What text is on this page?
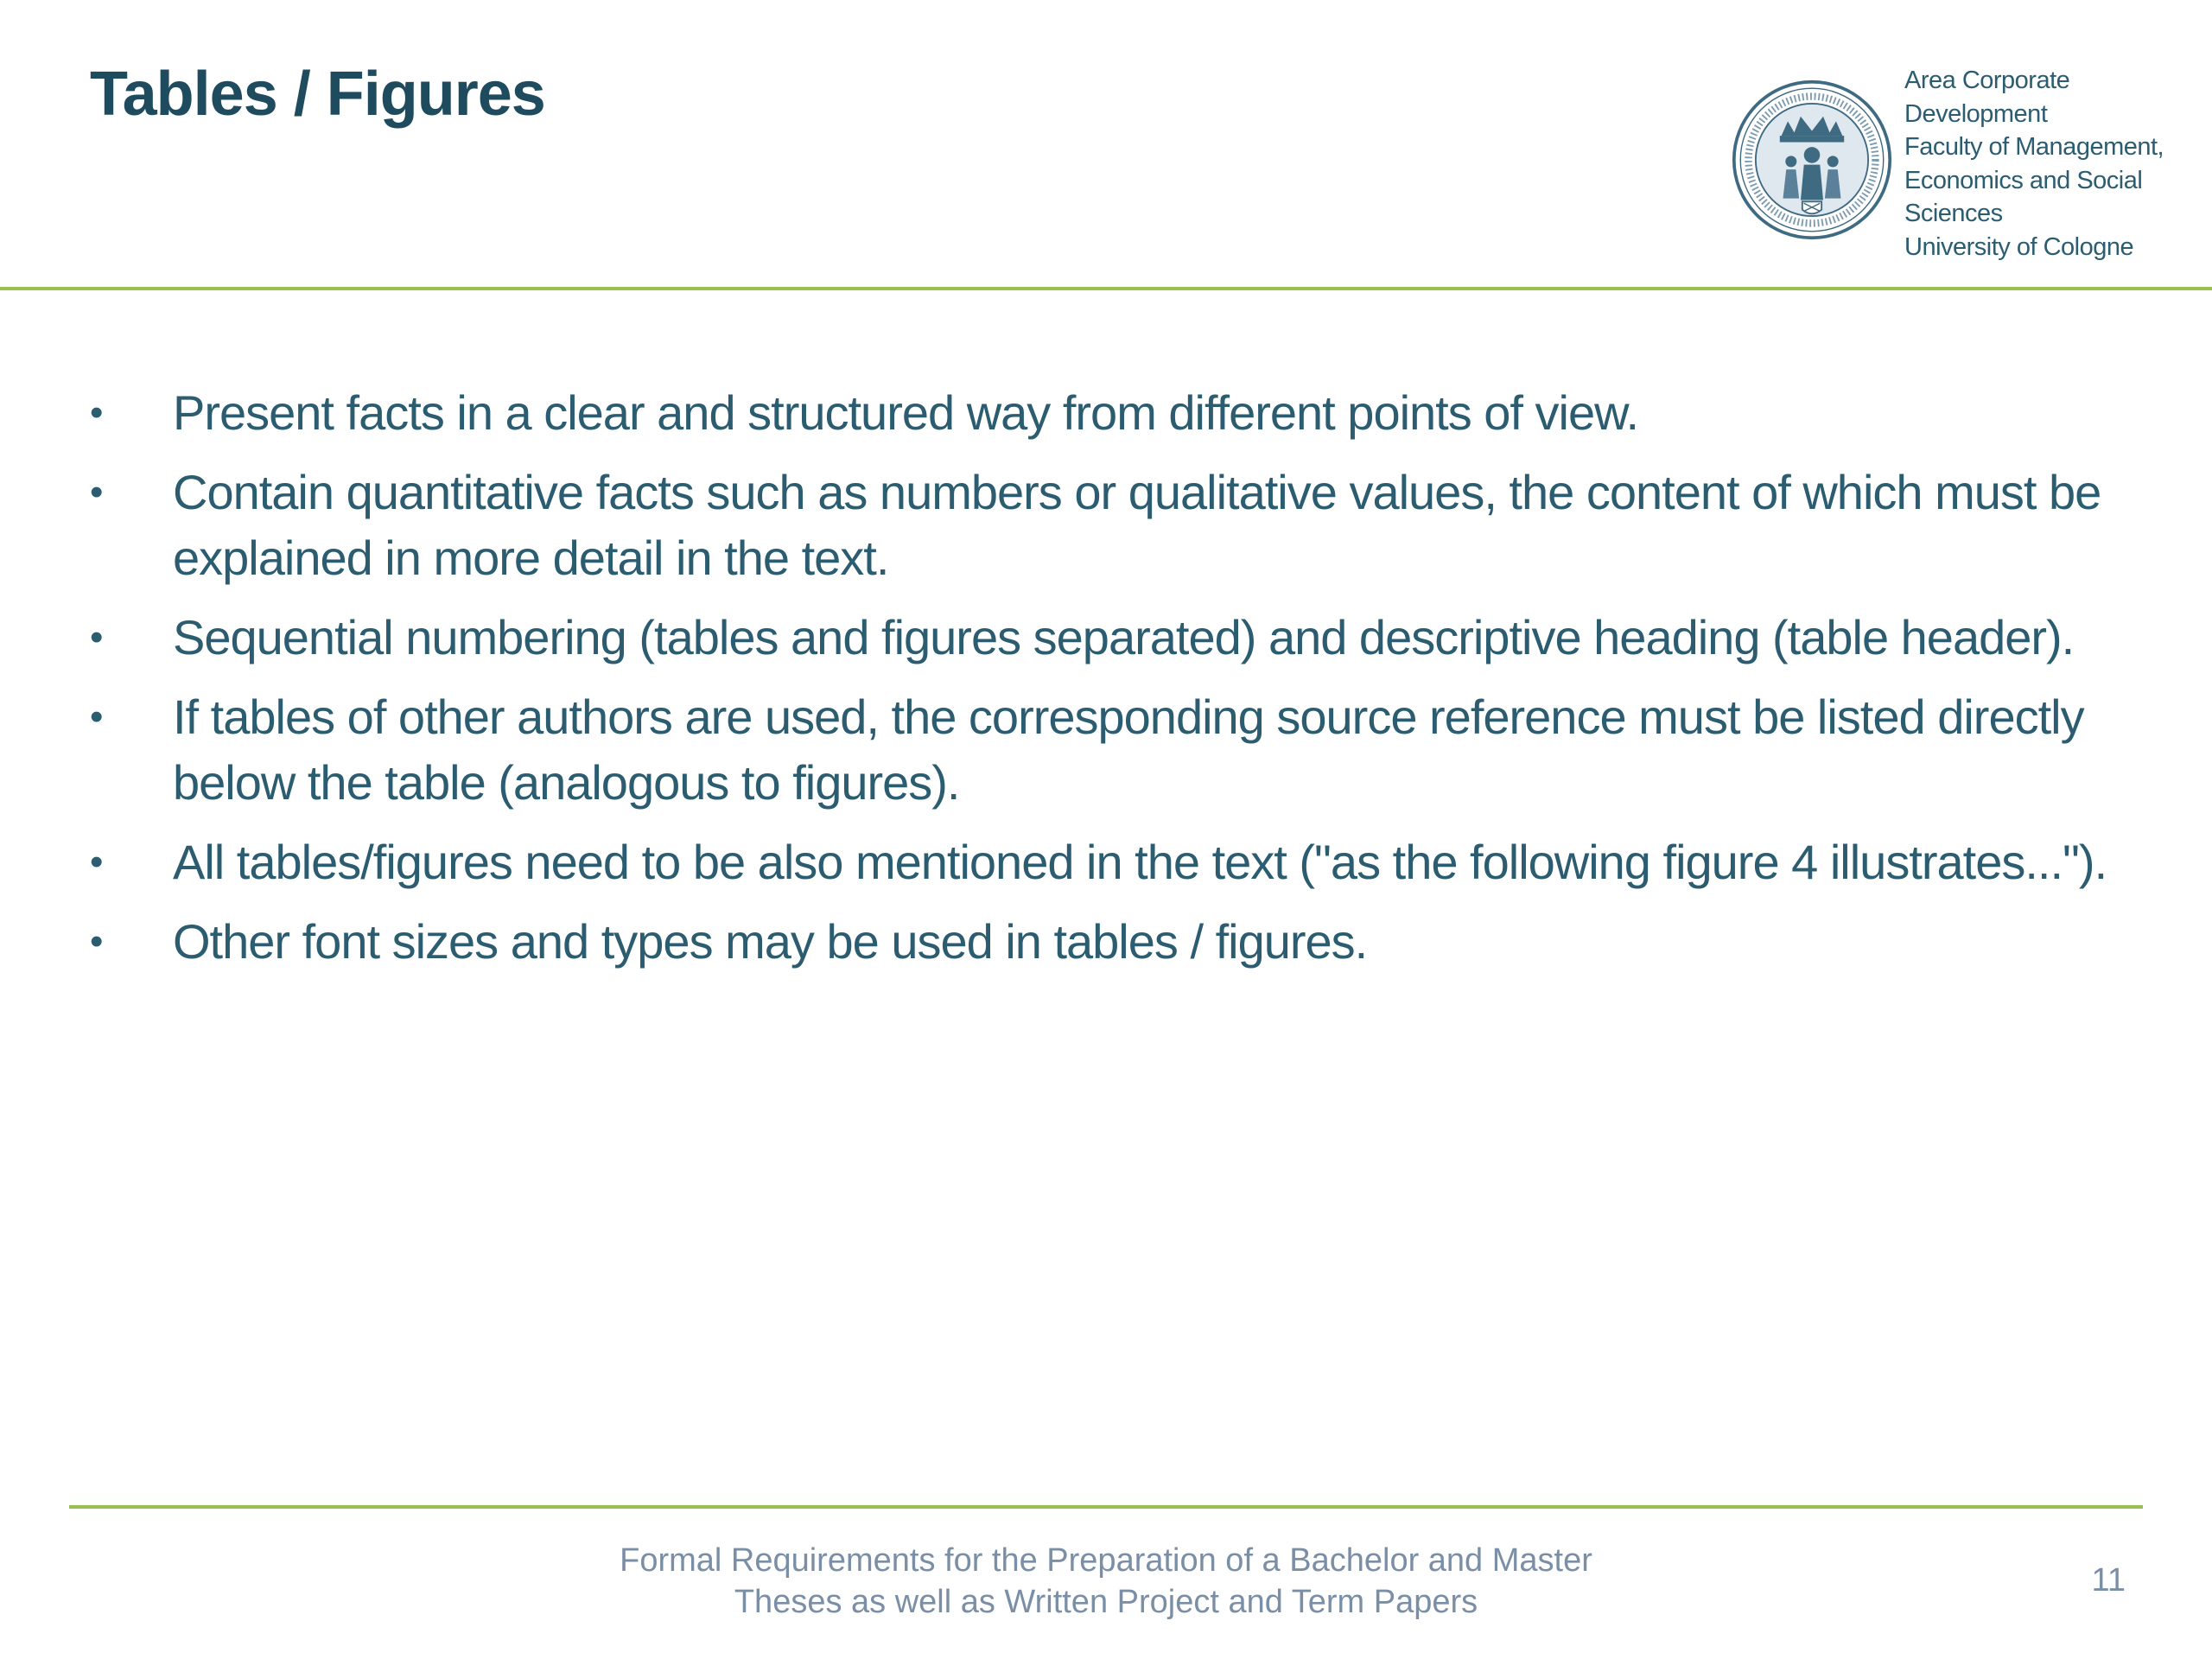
Tables / Figures	Area Corporate
Development
Faculty of Management,
Economics and Social
Sciences
University of Cologne
•	Present facts in a clear and structured way from different points of view.
•	Contain quantitative facts such as numbers or qualitative values, the content of which must be explained in more detail in the text.
•	Sequential numbering (tables and figures separated) and descriptive heading (table header).
•	If tables of other authors are used, the corresponding source reference must be listed directly below the table (analogous to figures).
•	All tables/figures need to be also mentioned in the text ("as the following figure 4 illustrates...").
•	Other font sizes and types may be used in tables / figures.
Formal Requirements for the Preparation of a Bachelor and Master
Theses as well as Written Project and Term Papers
11
